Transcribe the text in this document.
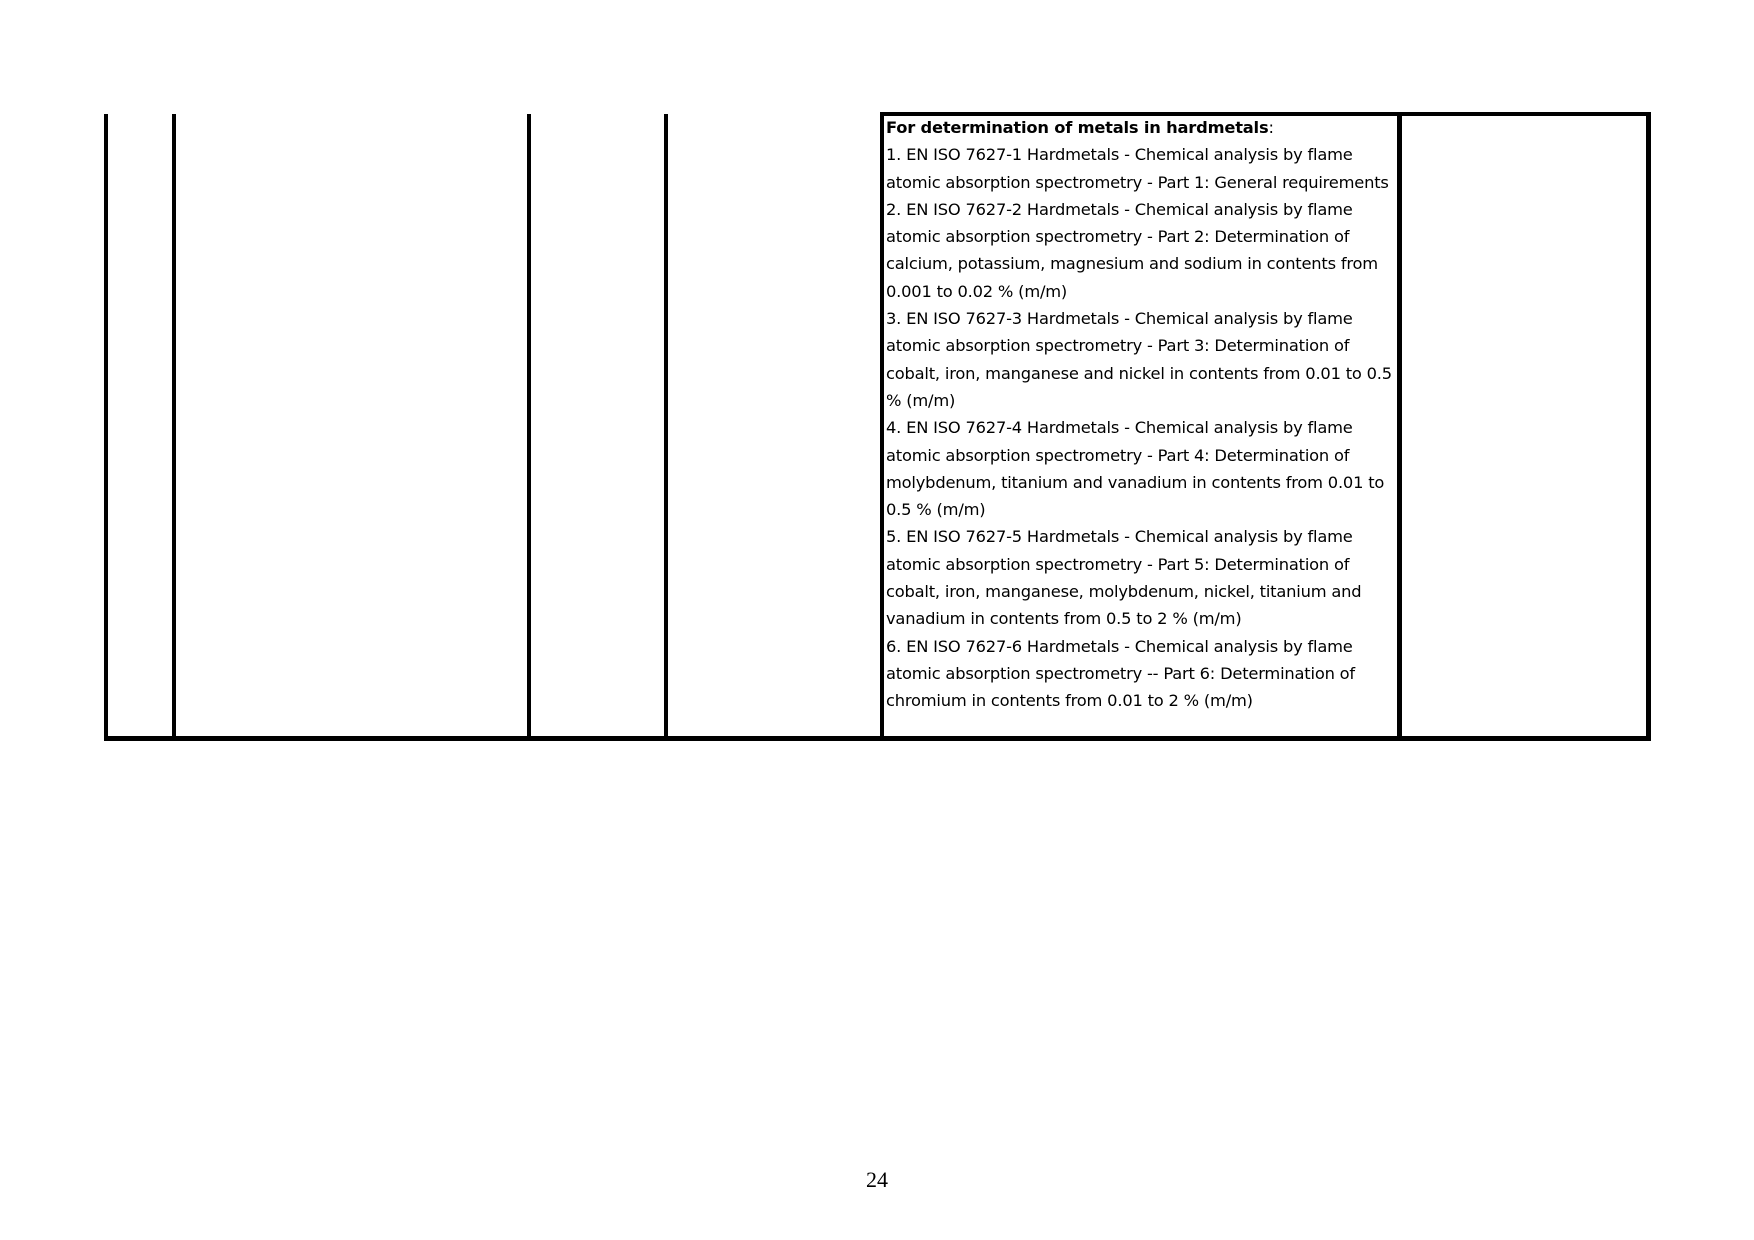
For determination of metals in hardmetals:
1. EN ISO 7627-1 Hardmetals - Chemical analysis by flame atomic absorption spectrometry - Part 1: General requirements
2. EN ISO 7627-2 Hardmetals - Chemical analysis by flame atomic absorption spectrometry - Part 2: Determination of calcium, potassium, magnesium and sodium in contents from 0.001 to 0.02 % (m/m)
3. EN ISO 7627-3 Hardmetals - Chemical analysis by flame atomic absorption spectrometry - Part 3: Determination of cobalt, iron, manganese and nickel in contents from 0.01 to 0.5 % (m/m)
4. EN ISO 7627-4 Hardmetals - Chemical analysis by flame atomic absorption spectrometry - Part 4: Determination of molybdenum, titanium and vanadium in contents from 0.01 to 0.5 % (m/m)
5. EN ISO 7627-5 Hardmetals - Chemical analysis by flame atomic absorption spectrometry - Part 5: Determination of cobalt, iron, manganese, molybdenum, nickel, titanium and vanadium in contents from 0.5 to 2 % (m/m)
6. EN ISO 7627-6 Hardmetals - Chemical analysis by flame atomic absorption spectrometry -- Part 6: Determination of chromium in contents from 0.01 to 2 % (m/m)
24
